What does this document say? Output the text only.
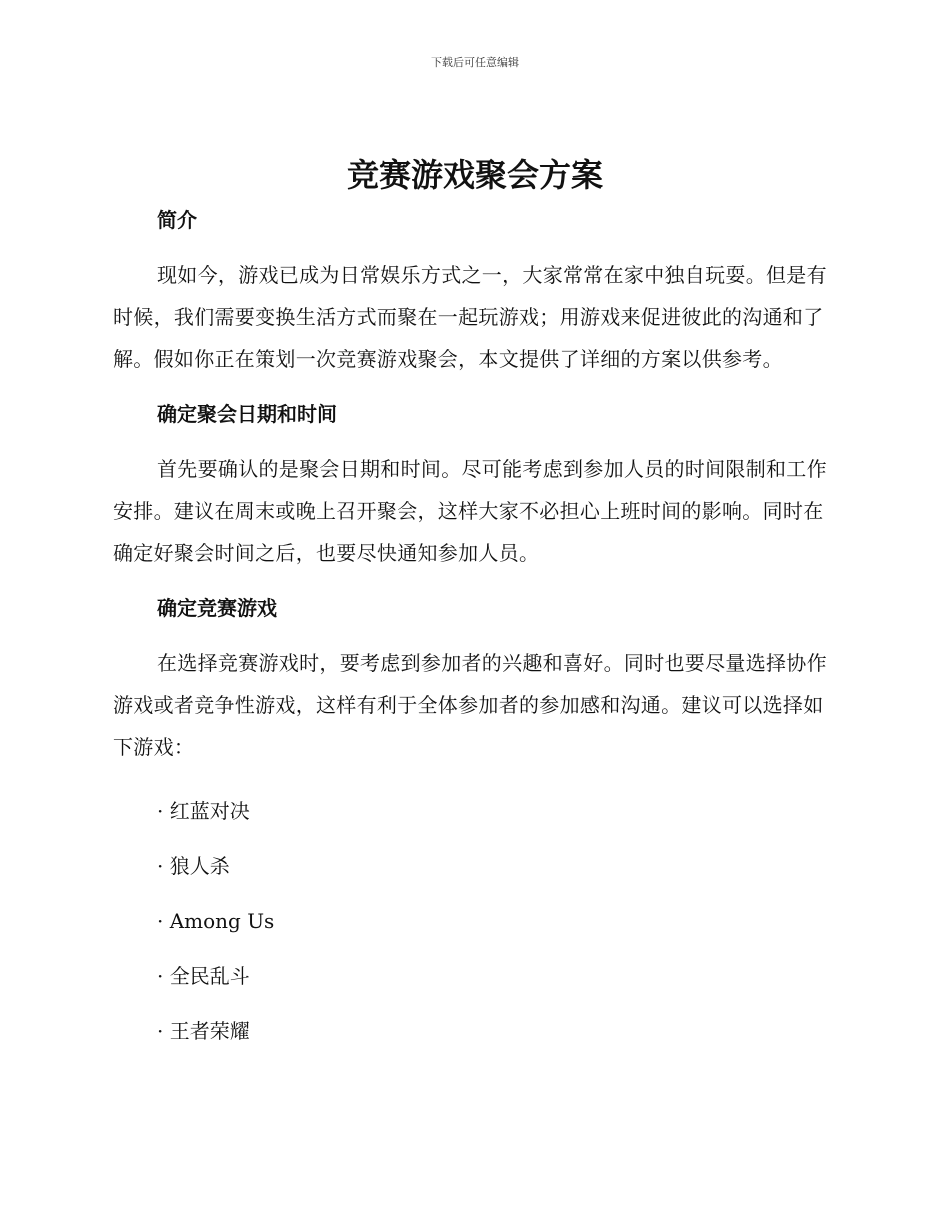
下载后可任意编辑
竞赛游戏聚会方案
简介

现如今，游戏已成为日常娱乐方式之一，大家常常在家中独自玩耍。但是有时候，我们需要变换生活方式而聚在一起玩游戏；用游戏来促进彼此的沟通和了解。假如你正在策划一次竞赛游戏聚会，本文提供了详细的方案以供参考。

确定聚会日期和时间

首先要确认的是聚会日期和时间。尽可能考虑到参加人员的时间限制和工作安排。建议在周末或晚上召开聚会，这样大家不必担心上班时间的影响。同时在确定好聚会时间之后，也要尽快通知参加人员。

确定竞赛游戏

在选择竞赛游戏时，要考虑到参加者的兴趣和喜好。同时也要尽量选择协作游戏或者竞争性游戏，这样有利于全体参加者的参加感和沟通。建议可以选择如下游戏：

· 红蓝对决
· 狼人杀
· Among Us
· 全民乱斗
· 王者荣耀
